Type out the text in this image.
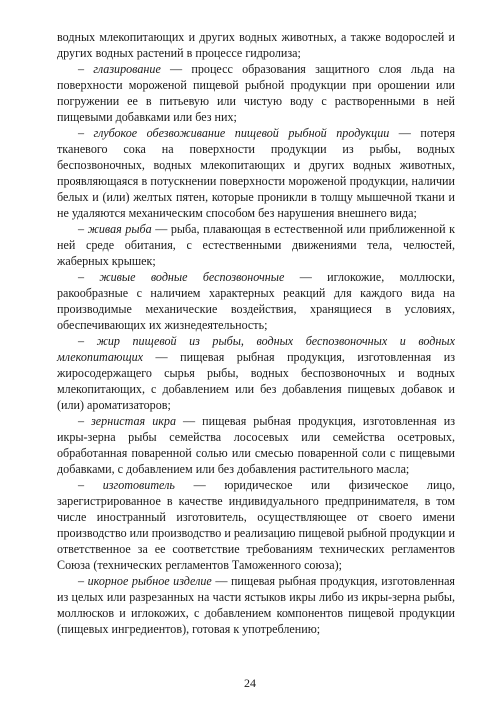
водных млекопитающих и других водных животных, а также водорослей и других водных растений в процессе гидролиза;

– глазирование — процесс образования защитного слоя льда на поверхности мороженой пищевой рыбной продукции при орошении или погружении ее в питьевую или чистую воду с растворенными в ней пищевыми добавками или без них;

– глубокое обезвоживание пищевой рыбной продукции — потеря тканевого сока на поверхности продукции из рыбы, водных беспозвоночных, водных млекопитающих и других водных животных, проявляющаяся в потускнении поверхности мороженой продукции, наличии белых и (или) желтых пятен, которые проникли в толщу мышечной ткани и не удаляются механическим способом без нарушения внешнего вида;

– живая рыба — рыба, плавающая в естественной или приближенной к ней среде обитания, с естественными движениями тела, челюстей, жаберных крышек;

– живые водные беспозвоночные — иглокожие, моллюски, ракообразные с наличием характерных реакций для каждого вида на производимые механические воздействия, хранящиеся в условиях, обеспечивающих их жизнедеятельность;

– жир пищевой из рыбы, водных беспозвоночных и водных млекопитающих — пищевая рыбная продукция, изготовленная из жиросодержащего сырья рыбы, водных беспозвоночных и водных млекопитающих, с добавлением или без добавления пищевых добавок и (или) ароматизаторов;

– зернистая икра — пищевая рыбная продукция, изготовленная из икры-зерна рыбы семейства лососевых или семейства осетровых, обработанная поваренной солью или смесью поваренной соли с пищевыми добавками, с добавлением или без добавления растительного масла;

– изготовитель — юридическое или физическое лицо, зарегистрированное в качестве индивидуального предпринимателя, в том числе иностранный изготовитель, осуществляющее от своего имени производство или производство и реализацию пищевой рыбной продукции и ответственное за ее соответствие требованиям технических регламентов Союза (технических регламентов Таможенного союза);

– икорное рыбное изделие — пищевая рыбная продукция, изготовленная из целых или разрезанных на части ястыков икры либо из икры-зерна рыбы, моллюсков и иглокожих, с добавлением компонентов пищевой продукции (пищевых ингредиентов), готовая к употреблению;

24
